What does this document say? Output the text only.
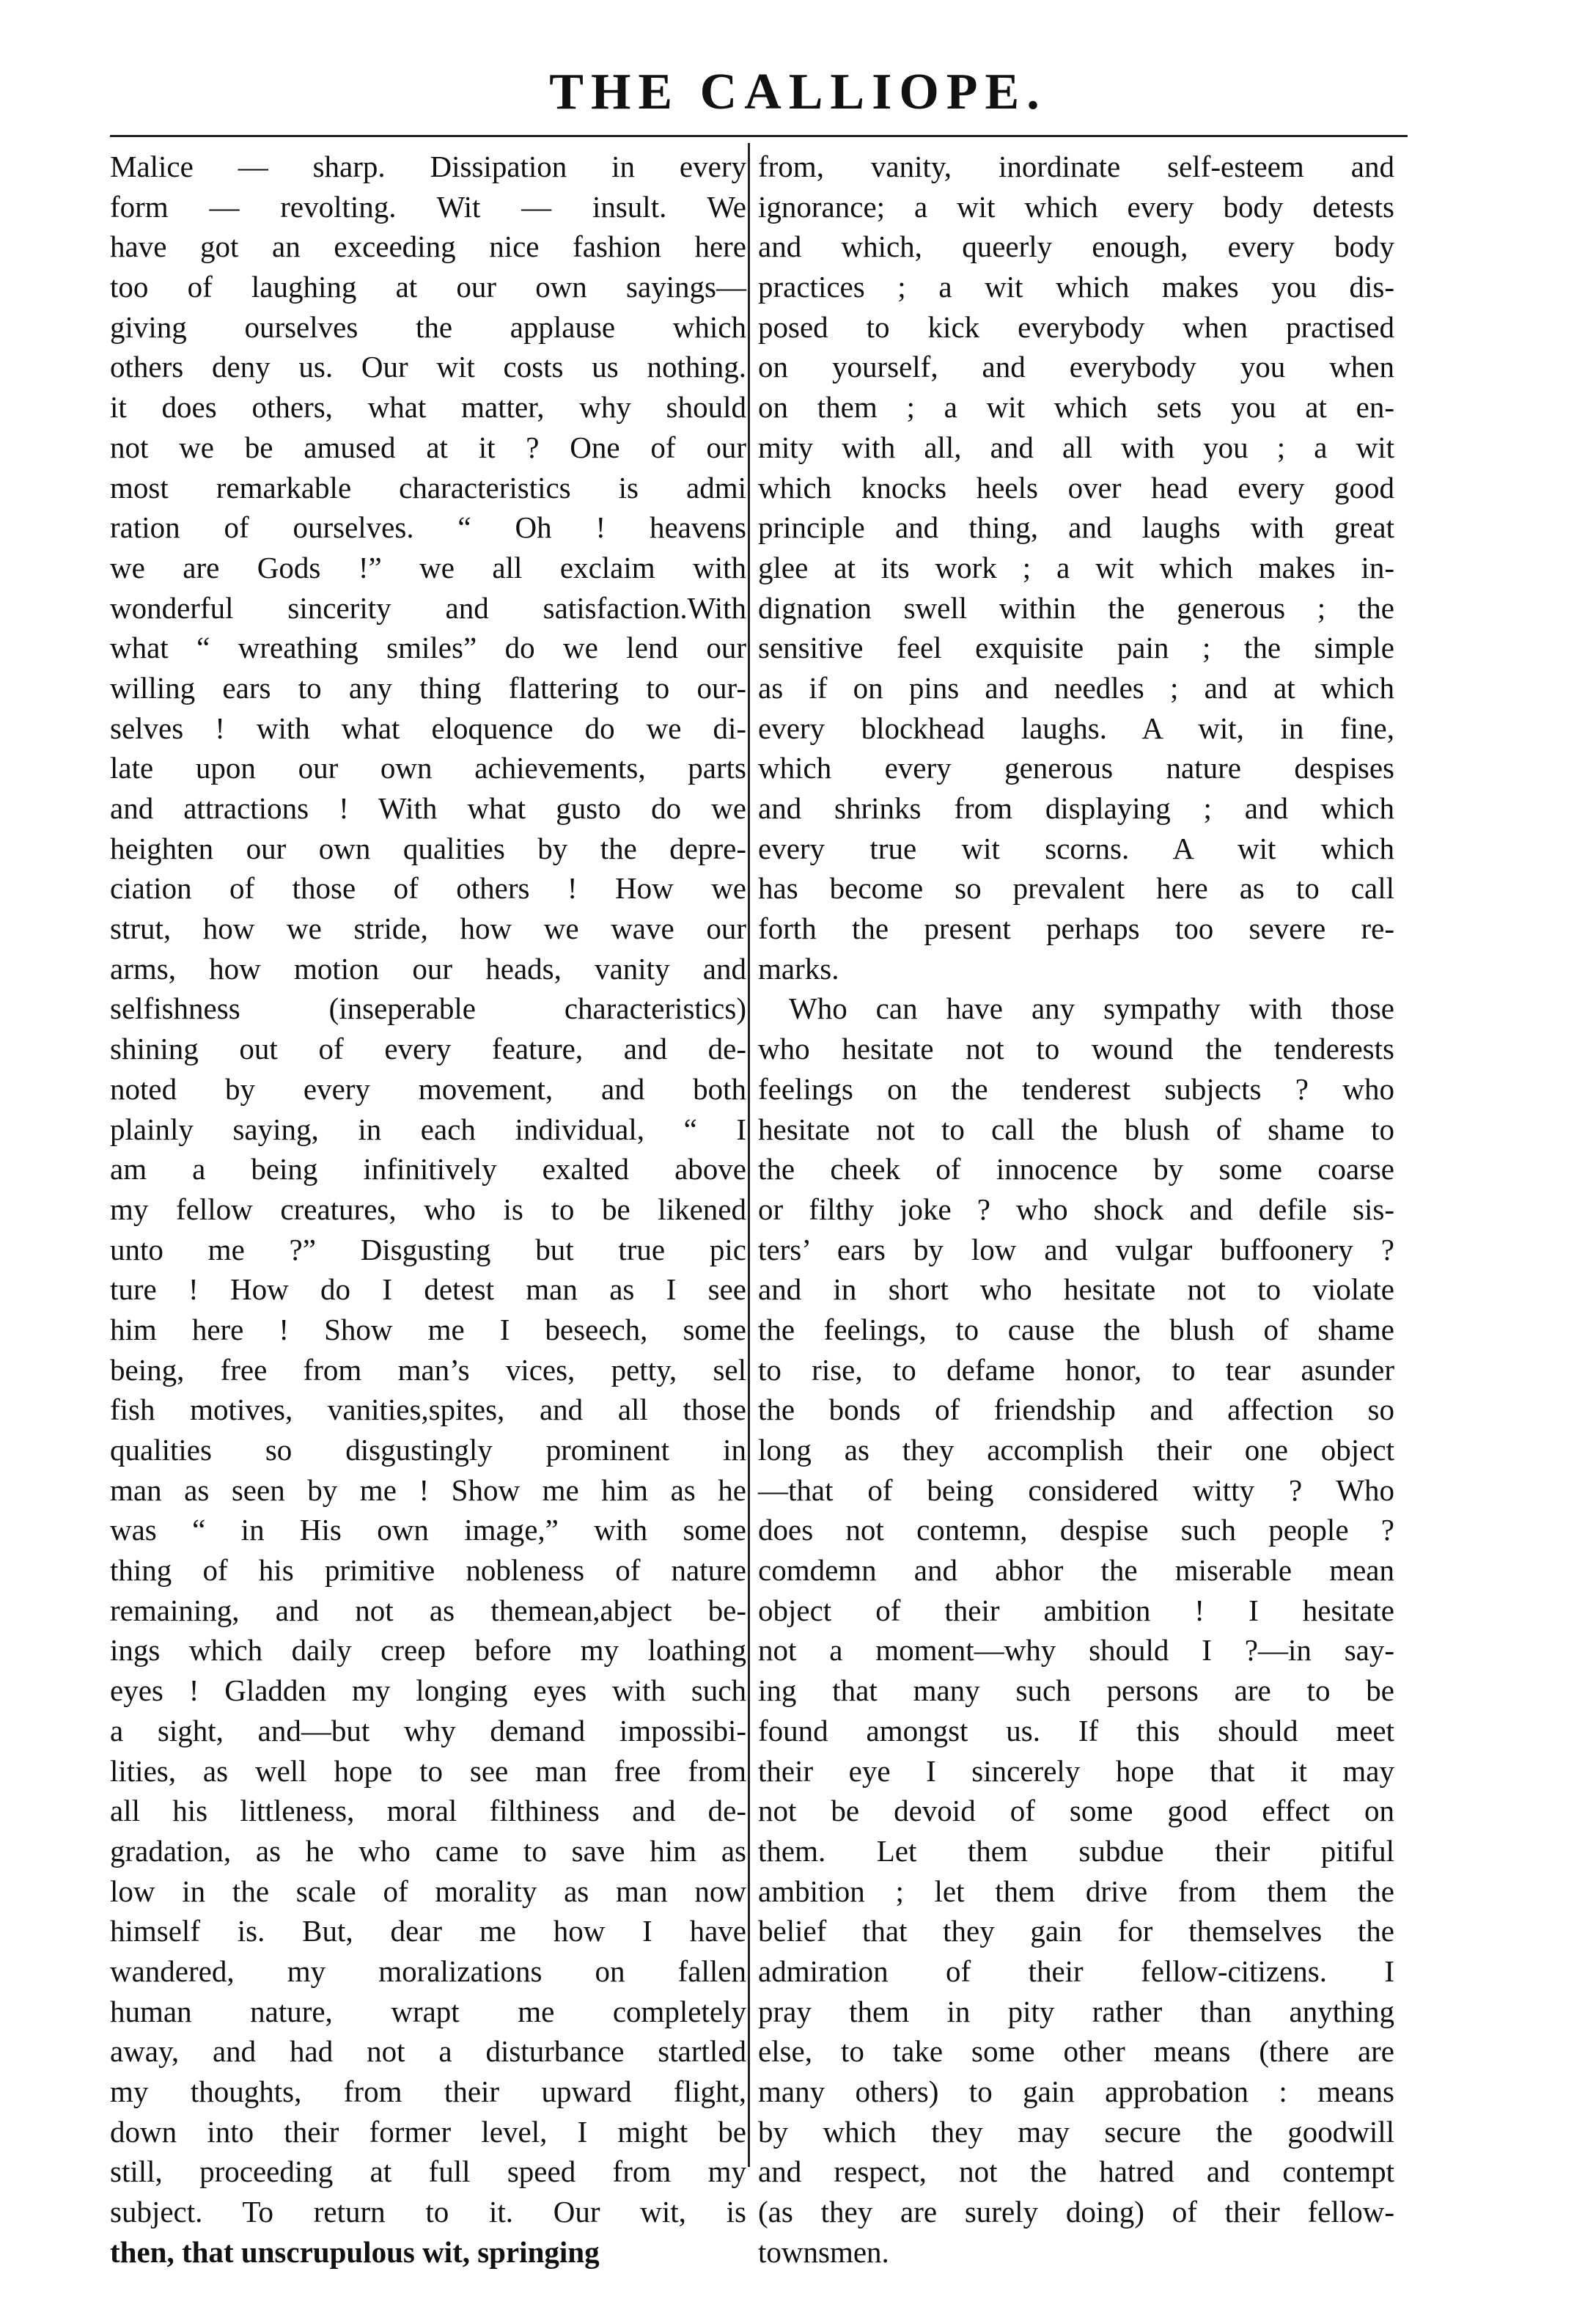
THE CALLIOPE.
Malice — sharp. Dissipation in every
form — revolting. Wit — insult. We
have got an exceeding nice fashion here
too of laughing at our own sayings—
giving ourselves the applause which
others deny us. Our wit costs us nothing.
it does others, what matter, why should
not we be amused at it ? One of our
most remarkable characteristics is admi
ration of ourselves. “ Oh ! heavens
we are Gods !” we all exclaim with
wonderful sincerity and satisfaction.With
what “ wreathing smiles” do we lend our
willing ears to any thing flattering to our-
selves ! with what eloquence do we di-
late upon our own achievements, parts
and attractions ! With what gusto do we
heighten our own qualities by the depre-
ciation of those of others ! How we
strut, how we stride, how we wave our
arms, how motion our heads, vanity and
selfishness (inseperable characteristics)
shining out of every feature, and de-
noted by every movement, and both
plainly saying, in each individual, “ I
am a being infinitively exalted above
my fellow creatures, who is to be likened
unto me ?” Disgusting but true pic
ture ! How do I detest man as I see
him here ! Show me I beseech, some
being, free from man’s vices, petty, sel
fish motives, vanities,spites, and all those
qualities so disgustingly prominent in
man as seen by me ! Show me him as he
was “ in His own image,” with some
thing of his primitive nobleness of nature
remaining, and not as themean,abject be-
ings which daily creep before my loathing
eyes ! Gladden my longing eyes with such
a sight, and—but why demand impossibi-
lities, as well hope to see man free from
all his littleness, moral filthiness and de-
gradation, as he who came to save him as
low in the scale of morality as man now
himself is. But, dear me how I have
wandered, my moralizations on fallen
human nature, wrapt me completely
away, and had not a disturbance startled
my thoughts, from their upward flight,
down into their former level, I might be
still, proceeding at full speed from my
subject. To return to it. Our wit, is
then, that unscrupulous wit, springing
from, vanity, inordinate self-esteem and
ignorance; a wit which every body detests
and which, queerly enough, every body
practices ; a wit which makes you dis-
posed to kick everybody when practised
on yourself, and everybody you when
on them ; a wit which sets you at en-
mity with all, and all with you ; a wit
which knocks heels over head every good
principle and thing, and laughs with great
glee at its work ; a wit which makes in-
dignation swell within the generous ; the
sensitive feel exquisite pain ; the simple
as if on pins and needles ; and at which
every blockhead laughs. A wit, in fine,
which every generous nature despises
and shrinks from displaying ; and which
every true wit scorns. A wit which
has become so prevalent here as to call
forth the present perhaps too severe re-
marks.
Who can have any sympathy with those
who hesitate not to wound the tenderests
feelings on the tenderest subjects ? who
hesitate not to call the blush of shame to
the cheek of innocence by some coarse
or filthy joke ? who shock and defile sis-
ters’ ears by low and vulgar buffoonery ?
and in short who hesitate not to violate
the feelings, to cause the blush of shame
to rise, to defame honor, to tear asunder
the bonds of friendship and affection so
long as they accomplish their one object
—that of being considered witty ? Who
does not contemn, despise such people ?
comdemn and abhor the miserable mean
object of their ambition ! I hesitate
not a moment—why should I ?—in say-
ing that many such persons are to be
found amongst us. If this should meet
their eye I sincerely hope that it may
not be devoid of some good effect on
them. Let them subdue their pitiful
ambition ; let them drive from them the
belief that they gain for themselves the
admiration of their fellow-citizens. I
pray them in pity rather than anything
else, to take some other means (there are
many others) to gain approbation : means
by which they may secure the goodwill
and respect, not the hatred and contempt
(as they are surely doing) of their fellow-
townsmen.
